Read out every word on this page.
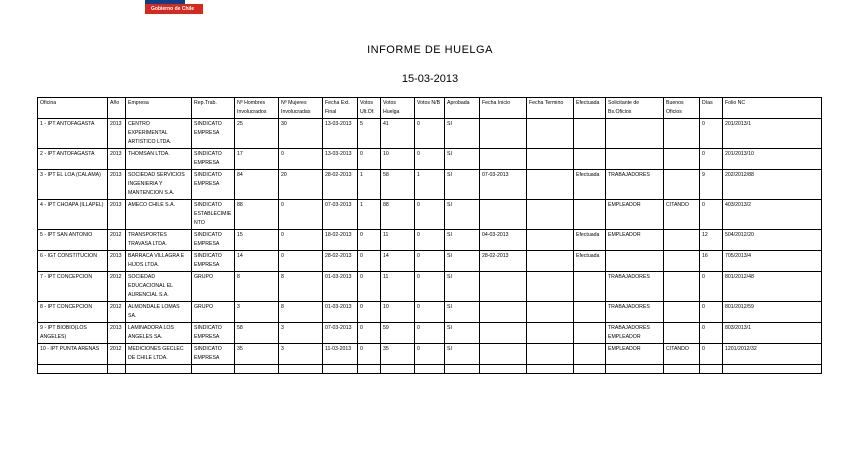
Gobierno de Chile
INFORME DE HUELGA
15-03-2013
Oficina	Año	Empresa	Rep.Trab.	Nº Hombres Involucrados	Nº Mujeres Involucradas	Fecha Ext. Final	Votos Ult.Of.	Votos Huelga	Votos N/B	Aprobada	Fecha Inicio	Fecha Termino	Efectuada	Solicitante de Bs.Oficios	Buenos Oficios	Días	Folio NC
1 - IPT ANTOFAGASTA	2013	CENTRO EXPERIMENTAL ARTISTICO LTDA.	SINDICATO EMPRESA	25	30	13-03-2013	5	41	0	SI						0	201/2013/1
2 - IPT ANTOFAGASTA	2013	THOMSAN LTDA.	SINDICATO EMPRESA	17	0	13-03-2013	0	10	0	SI						0	201/2013/10
3 - IPT EL LOA (CALAMA)	2013	SOCIEDAD SERVICIOS INGENIERIA Y MANTENCION S.A.	SINDICATO EMPRESA	84	20	28-02-2013	1	58	1	SI	07-03-2013		Efectuada	TRABAJADORES		9	202/2012/88
4 - IPT CHOAPA (ILLAPEL)	2013	AMECO CHILE S.A.	SINDICATO ESTABLECIMIENTO	88	0	07-03-2013	1	88	0	SI				EMPLEADOR	CITANDO	0	403/2013/2
5 - IPT SAN ANTONIO	2012	TRANSPORTES TRAVASA LTDA.	SINDICATO EMPRESA	15	0	18-02-2013	0	11	0	SI	04-03-2013		Efectuada	EMPLEADOR		12	504/2012/20
6 - IGT CONSTITUCION	2013	BARRACA VILLAGRA E HIJOS LTDA.	SINDICATO EMPRESA	14	0	28-02-2013	0	14	0	SI	28-02-2013		Efectuada			16	705/2013/4
7 - IPT CONCEPCION	2012	SOCIEDAD EDUCACIONAL EL AURENCIAL S.A.	GRUPO	8	8	01-03-2013	0	11	0	SI				TRABAJADORES		0	801/2012/48
8 - IPT CONCEPCION	2012	ALMONDALE LOMAS SA.	GRUPO	3	8	01-03-2013	0	10	0	SI				TRABAJADORES		0	801/2012/59
9 - IPT BIOBIO(LOS ANGELES)	2013	LAMINADORA LOS ANGELES SA.	SINDICATO EMPRESA	58	3	07-03-2013	0	59	0	SI				TRABAJADORES EMPLEADOR		0	803/2013/1
10 - IPT PUNTA ARENAS	2012	MEDICIONES GECLEC DE CHILE LTDA.	SINDICATO EMPRESA	35	3	11-03-2013	0	35	0	SI				EMPLEADOR	CITANDO	0	1201/2012/32
